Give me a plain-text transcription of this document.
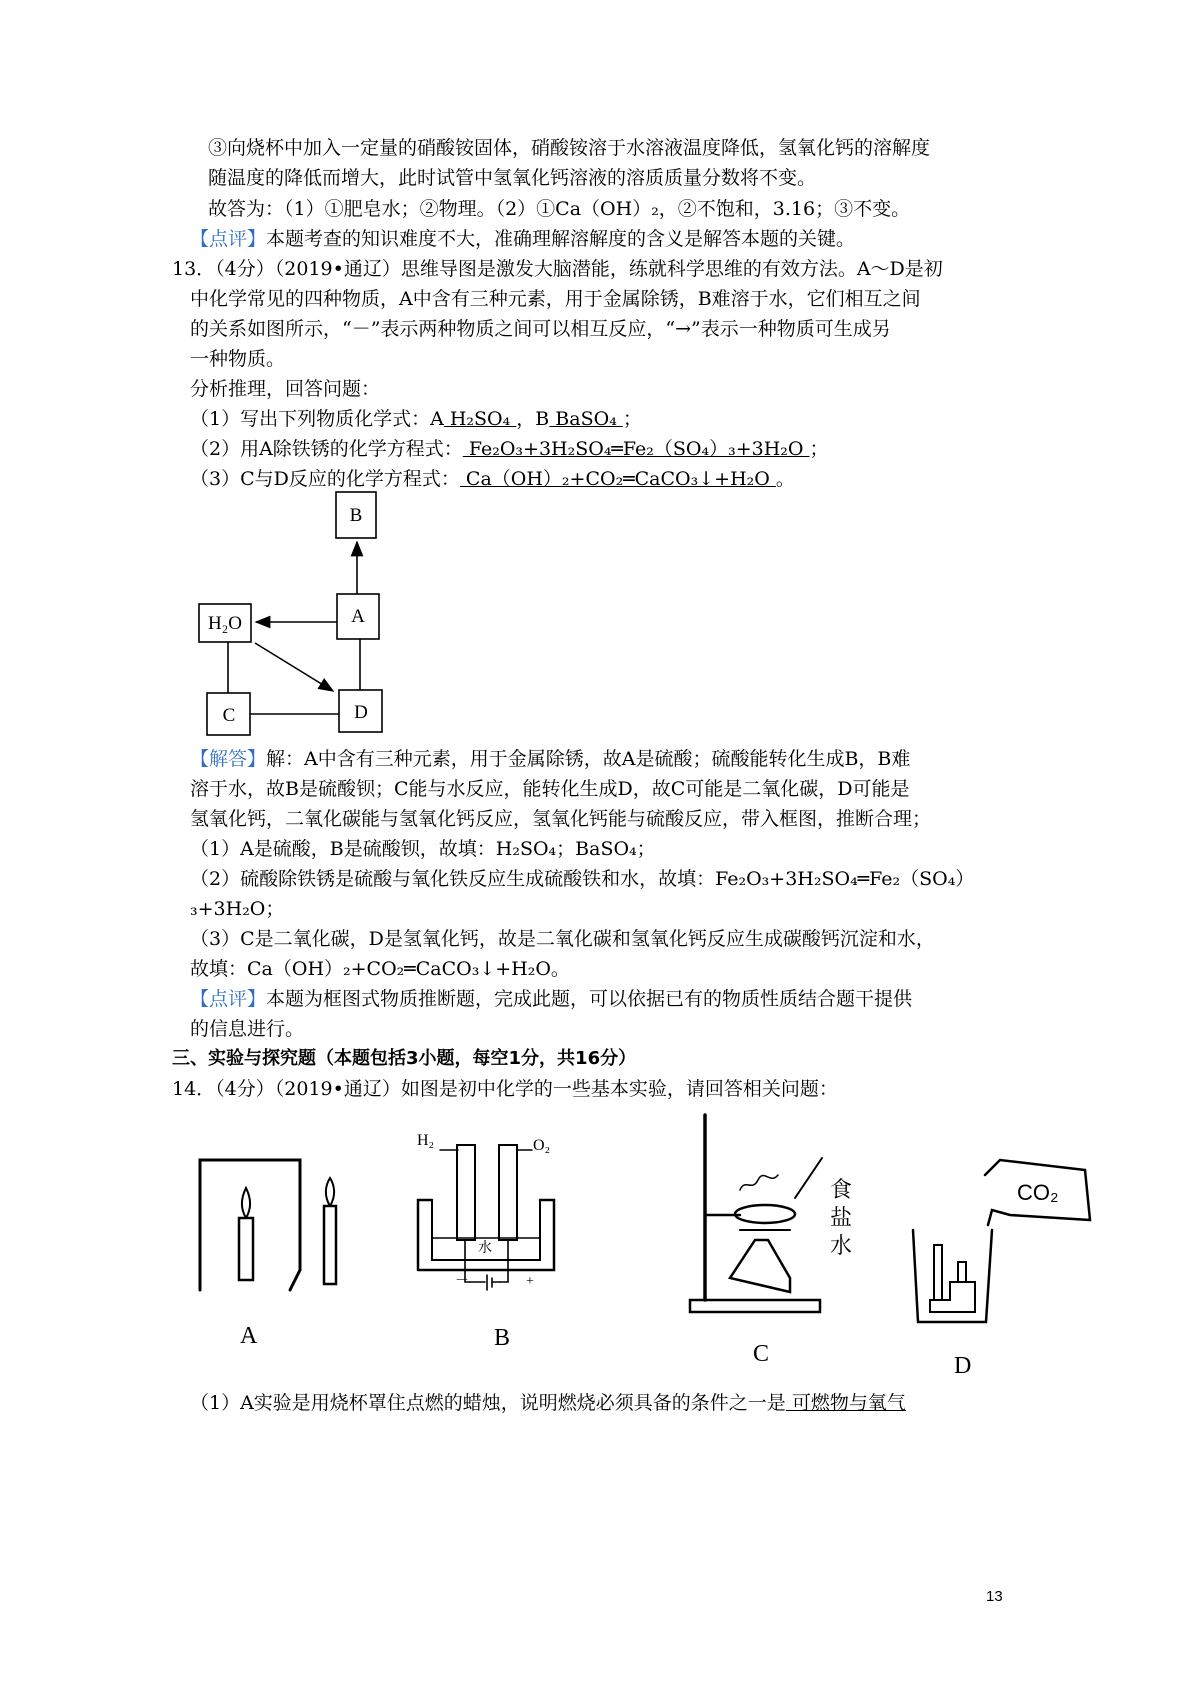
③向烧杯中加入一定量的硝酸铵固体，硝酸铵溶于水溶液温度降低，氢氧化钙的溶解度
随温度的降低而增大，此时试管中氢氧化钙溶液的溶质质量分数将不变。
故答为：（1）①肥皂水；②物理。（2）①Ca（OH）₂，②不饱和，3.16；③不变。
【点评】本题考查的知识难度不大，准确理解溶解度的含义是解答本题的关键。
13．（4分）（2019•通辽）思维导图是激发大脑潜能，练就科学思维的有效方法。A～D是初
中化学常见的四种物质，A中含有三种元素，用于金属除锈，B难溶于水，它们相互之间
的关系如图所示，“－”表示两种物质之间可以相互反应，“→”表示一种物质可生成另
一种物质。
分析推理，回答问题：
（1）写出下列物质化学式：A H₂SO₄ ，B BaSO₄ ；
（2）用A除铁锈的化学方程式： Fe₂O₃+3H₂SO₄═Fe₂（SO₄）₃+3H₂O ；
（3）C与D反应的化学方程式： Ca（OH）₂+CO₂═CaCO₃↓+H₂O 。
B
A
H₂O
C	D
【解答】解：A中含有三种元素，用于金属除锈，故A是硫酸；硫酸能转化生成B，B难
溶于水，故B是硫酸钡；C能与水反应，能转化生成D，故C可能是二氧化碳，D可能是
氢氧化钙，二氧化碳能与氢氧化钙反应，氢氧化钙能与硫酸反应，带入框图，推断合理；
（1）A是硫酸，B是硫酸钡，故填：H₂SO₄；BaSO₄；
（2）硫酸除铁锈是硫酸与氧化铁反应生成硫酸铁和水，故填：Fe₂O₃+3H₂SO₄═Fe₂（SO₄）
₃+3H₂O；
（3）C是二氧化碳，D是氢氧化钙，故是二氧化碳和氢氧化钙反应生成碳酸钙沉淀和水，
故填：Ca（OH）₂+CO₂═CaCO₃↓+H₂O。
【点评】本题为框图式物质推断题，完成此题，可以依据已有的物质性质结合题干提供
的信息进行。
三、实验与探究题（本题包括3小题，每空1分，共16分）
14．（4分）（2019•通辽）如图是初中化学的一些基本实验，请回答相关问题：
A	B
C	D
H₂	O₂
水
－	+
食
盐
水
CO₂
（1）A实验是用烧杯罩住点燃的蜡烛，说明燃烧必须具备的条件之一是 可燃物与氧气
13
